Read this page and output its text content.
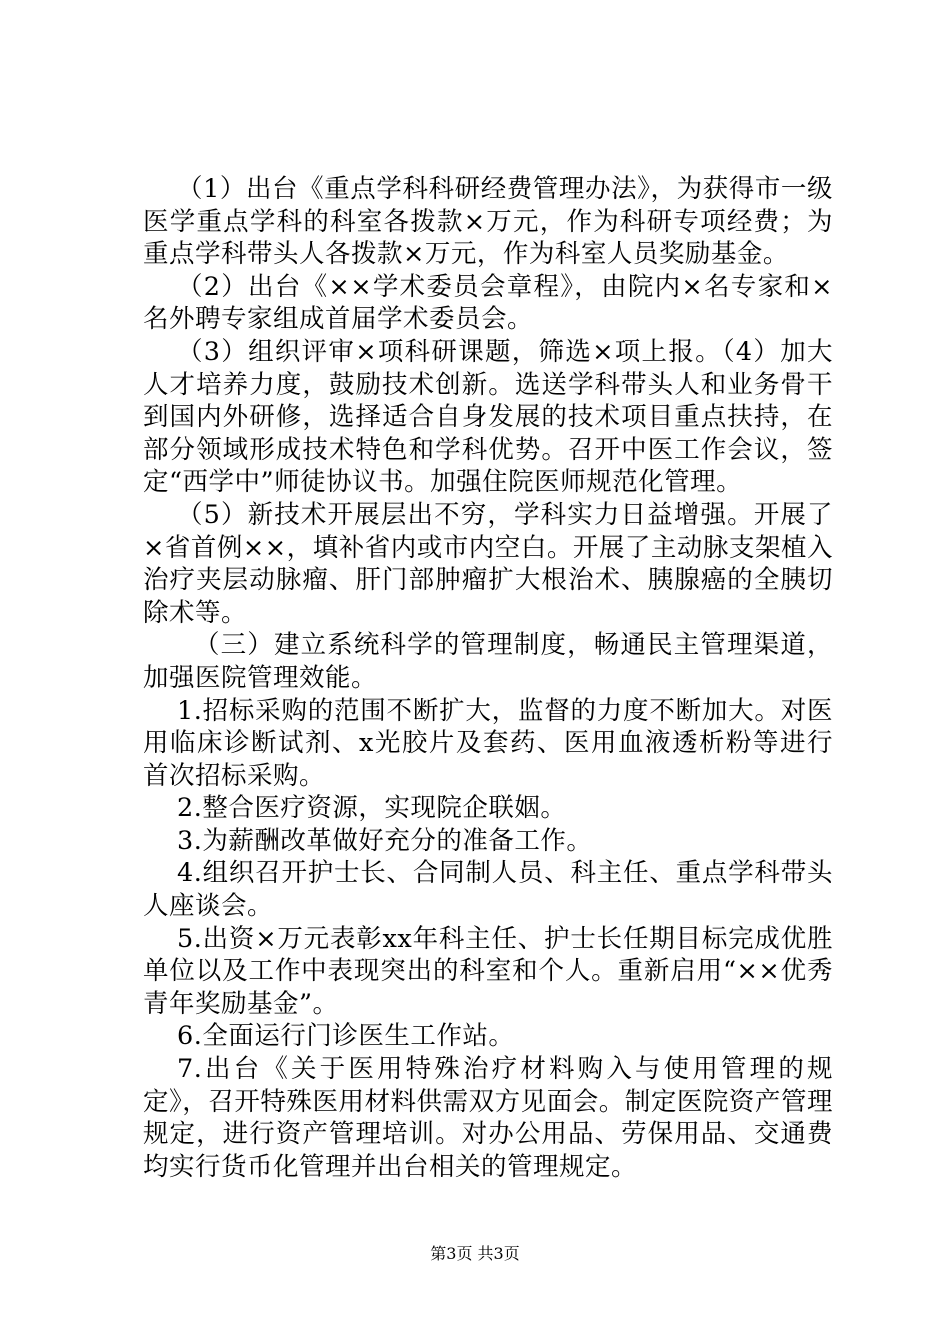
（1）出台《重点学科科研经费管理办法》，为获得市一级医学重点学科的科室各拨款×万元，作为科研专项经费；为重点学科带头人各拨款×万元，作为科室人员奖励基金。

（2）出台《××学术委员会章程》，由院内×名专家和×名外聘专家组成首届学术委员会。

（3）组织评审×项科研课题，筛选×项上报。（4）加大人才培养力度，鼓励技术创新。选送学科带头人和业务骨干到国内外研修，选择适合自身发展的技术项目重点扶持，在部分领域形成技术特色和学科优势。召开中医工作会议，签定“西学中”师徒协议书。加强住院医师规范化管理。

（5）新技术开展层出不穷，学科实力日益增强。开展了×省首例××，填补省内或市内空白。开展了主动脉支架植入治疗夹层动脉瘤、肝门部肿瘤扩大根治术、胰腺癌的全胰切除术等。

（三）建立系统科学的管理制度，畅通民主管理渠道，加强医院管理效能。

1.招标采购的范围不断扩大，监督的力度不断加大。对医用临床诊断试剂、x光胶片及套药、医用血液透析粉等进行首次招标采购。

2.整合医疗资源，实现院企联姻。

3.为薪酬改革做好充分的准备工作。

4.组织召开护士长、合同制人员、科主任、重点学科带头人座谈会。

5.出资×万元表彰xx年科主任、护士长任期目标完成优胜单位以及工作中表现突出的科室和个人。重新启用“××优秀青年奖励基金”。

6.全面运行门诊医生工作站。

7.出台《关于医用特殊治疗材料购入与使用管理的规定》，召开特殊医用材料供需双方见面会。制定医院资产管理规定，进行资产管理培训。对办公用品、劳保用品、交通费均实行货币化管理并出台相关的管理规定。

第3页 共3页
